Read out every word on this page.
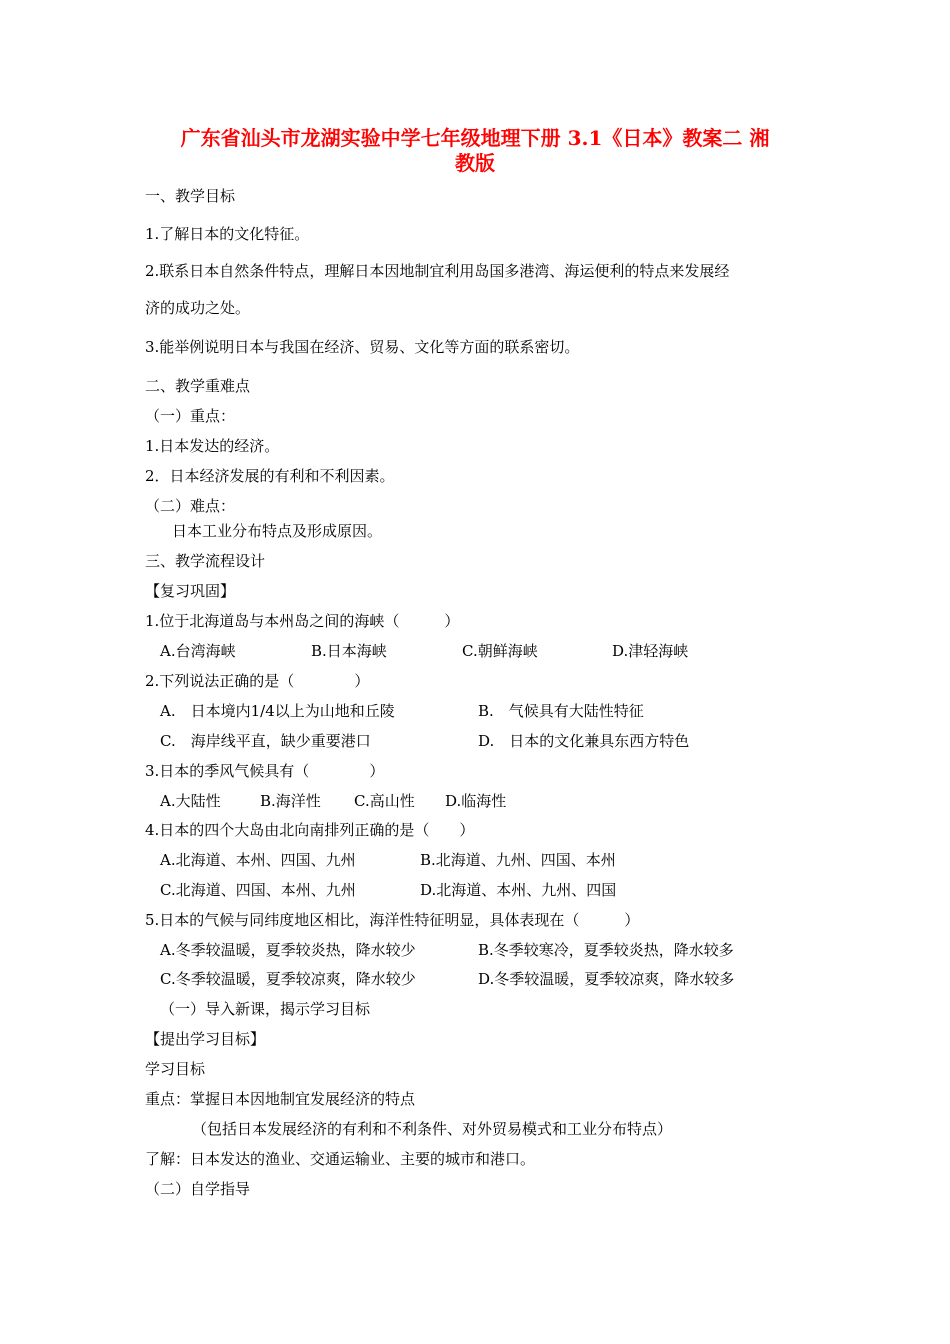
广东省汕头市龙湖实验中学七年级地理下册 3.1《日本》教案二 湘
教版
一、教学目标
1.了解日本的文化特征。
2.联系日本自然条件特点，理解日本因地制宜利用岛国多港湾、海运便利的特点来发展经
济的成功之处。
3.能举例说明日本与我国在经济、贸易、文化等方面的联系密切。
二、教学重难点
（一）重点：
1.日本发达的经济。
2．日本经济发展的有利和不利因素。
（二）难点：
日本工业分布特点及形成原因。
三、教学流程设计
【复习巩固】
1.位于北海道岛与本州岛之间的海峡（　　　）
A.台湾海峡	B.日本海峡	C.朝鲜海峡	D.津轻海峡
2.下列说法正确的是（　　　　）
A.　日本境内1/4以上为山地和丘陵	B.　气候具有大陆性特征
C.　海岸线平直，缺少重要港口	D.　日本的文化兼具东西方特色
3.日本的季风气候具有（　　　　）
A.大陆性	B.海洋性 C.高山性 D.临海性
4.日本的四个大岛由北向南排列正确的是（　　）
A.北海道、本州、四国、九州	B.北海道、九州、四国、本州
C.北海道、四国、本州、九州	D.北海道、本州、九州、四国
5.日本的气候与同纬度地区相比，海洋性特征明显，具体表现在（　　　）
A.冬季较温暖，夏季较炎热，降水较少	B.冬季较寒冷，夏季较炎热，降水较多
C.冬季较温暖，夏季较凉爽，降水较少	D.冬季较温暖，夏季较凉爽，降水较多
（一）导入新课，揭示学习目标
【提出学习目标】
学习目标
重点：掌握日本因地制宜发展经济的特点
（包括日本发展经济的有利和不利条件、对外贸易模式和工业分布特点）
了解：日本发达的渔业、交通运输业、主要的城市和港口。
（二）自学指导
